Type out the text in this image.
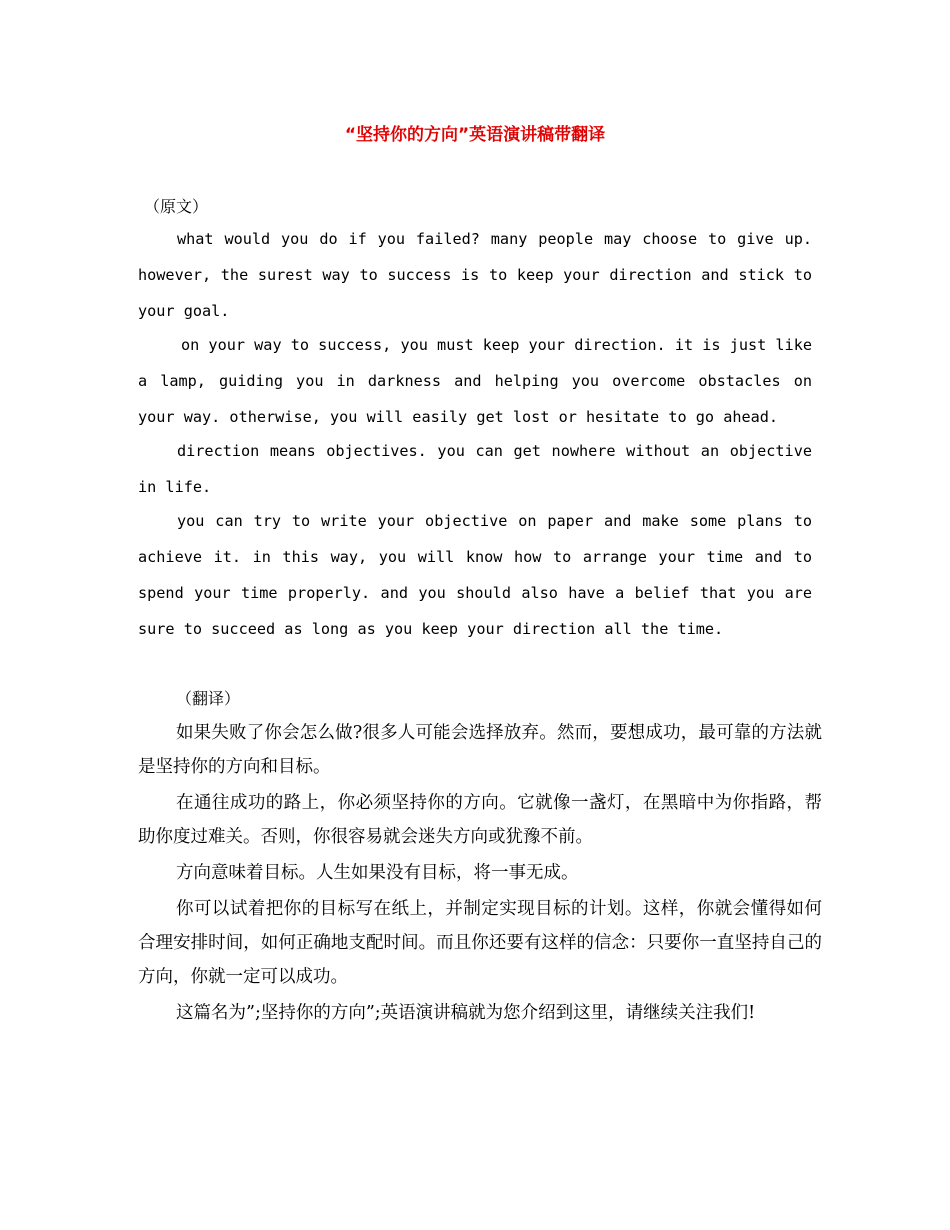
“坚持你的方向”英语演讲稿带翻译
（原文）

what would you do if you failed? many people may choose to give up. however, the surest way to success is to keep your direction and stick to your goal.

on your way to success, you must keep your direction. it is just like a lamp, guiding you in darkness and helping you overcome obstacles on your way. otherwise, you will easily get lost or hesitate to go ahead.

direction means objectives. you can get nowhere without an objective in life.

you can try to write your objective on paper and make some plans to achieve it. in this way, you will know how to arrange your time and to spend your time properly. and you should also have a belief that you are sure to succeed as long as you keep your direction all the time.

（翻译）

如果失败了你会怎么做?很多人可能会选择放弃。然而，要想成功，最可靠的方法就是坚持你的方向和目标。

在通往成功的路上，你必须坚持你的方向。它就像一盏灯，在黑暗中为你指路，帮助你度过难关。否则，你很容易就会迷失方向或犹豫不前。

方向意味着目标。人生如果没有目标，将一事无成。

你可以试着把你的目标写在纸上，并制定实现目标的计划。这样，你就会懂得如何合理安排时间，如何正确地支配时间。而且你还要有这样的信念：只要你一直坚持自己的方向，你就一定可以成功。

这篇名为”;坚持你的方向”;英语演讲稿就为您介绍到这里，请继续关注我们!
